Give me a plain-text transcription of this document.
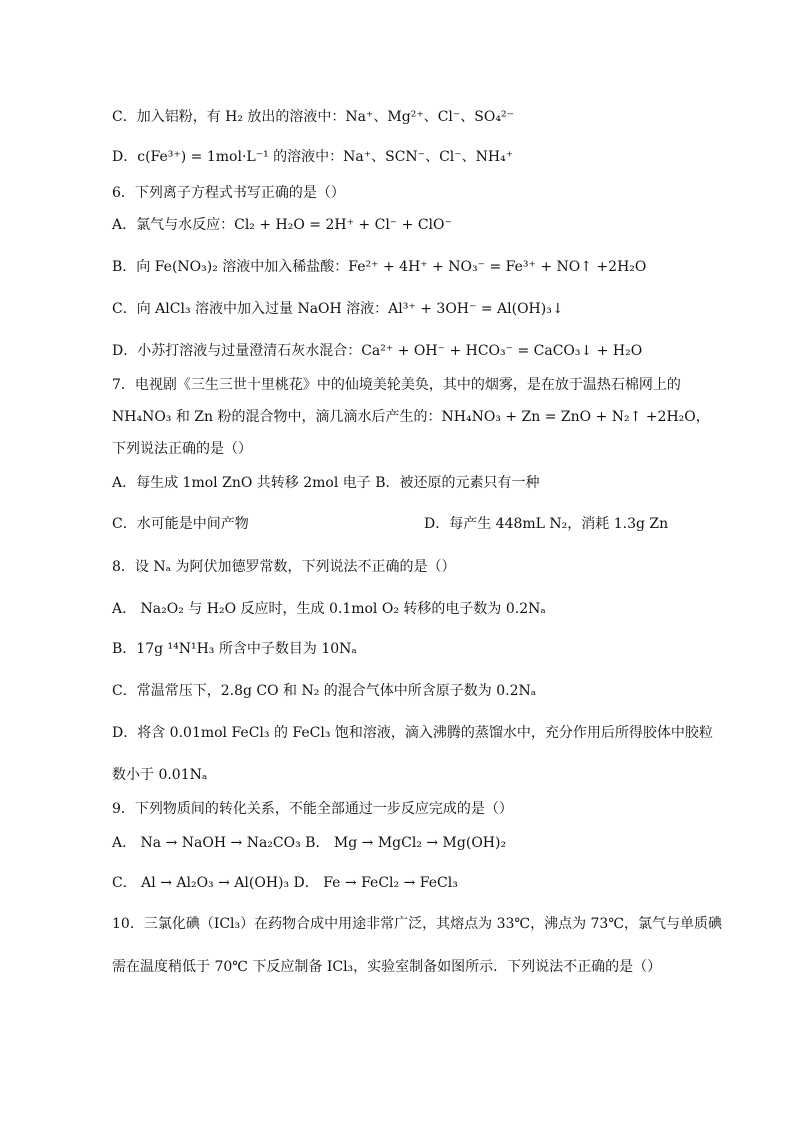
C．加入铝粉，有 H₂ 放出的溶液中：Na⁺、Mg²⁺、Cl⁻、SO₄²⁻
D．c(Fe³⁺) = 1mol·L⁻¹ 的溶液中：Na⁺、SCN⁻、Cl⁻、NH₄⁺
6．下列离子方程式书写正确的是（）
A．氯气与水反应：Cl₂ + H₂O = 2H⁺ + Cl⁻ + ClO⁻
B．向 Fe(NO₃)₂ 溶液中加入稀盐酸：Fe²⁺ + 4H⁺ + NO₃⁻ = Fe³⁺ + NO↑ +2H₂O
C．向 AlCl₃ 溶液中加入过量 NaOH 溶液：Al³⁺ + 3OH⁻ = Al(OH)₃↓
D．小苏打溶液与过量澄清石灰水混合：Ca²⁺ + OH⁻ + HCO₃⁻ = CaCO₃↓ + H₂O
7．电视剧《三生三世十里桃花》中的仙境美轮美奂，其中的烟雾，是在放于温热石棉网上的
NH₄NO₃ 和 Zn 粉的混合物中，滴几滴水后产生的：NH₄NO₃ + Zn = ZnO + N₂↑ +2H₂O，
下列说法正确的是（）
A．每生成 1mol ZnO 共转移 2mol 电子 B．被还原的元素只有一种
C．水可能是中间产物	D．每产生 448mL N₂，消耗 1.3g Zn
8．设 Nₐ 为阿伏加德罗常数，下列说法不正确的是（）
A． Na₂O₂ 与 H₂O 反应时，生成 0.1mol O₂ 转移的电子数为 0.2Nₐ
B．17g ¹⁴N¹H₃ 所含中子数目为 10Nₐ
C．常温常压下，2.8g CO 和 N₂ 的混合气体中所含原子数为 0.2Nₐ
D．将含 0.01mol FeCl₃ 的 FeCl₃ 饱和溶液，滴入沸腾的蒸馏水中，充分作用后所得胶体中胶粒
数小于 0.01Nₐ
9．下列物质间的转化关系，不能全部通过一步反应完成的是（）
A． Na → NaOH → Na₂CO₃ B． Mg → MgCl₂ → Mg(OH)₂
C． Al → Al₂O₃ → Al(OH)₃ D． Fe → FeCl₂ → FeCl₃
10．三氯化碘（ICl₃）在药物合成中用途非常广泛，其熔点为 33℃，沸点为 73℃，氯气与单质碘
需在温度稍低于 70℃ 下反应制备 ICl₃，实验室制备如图所示．下列说法不正确的是（）
